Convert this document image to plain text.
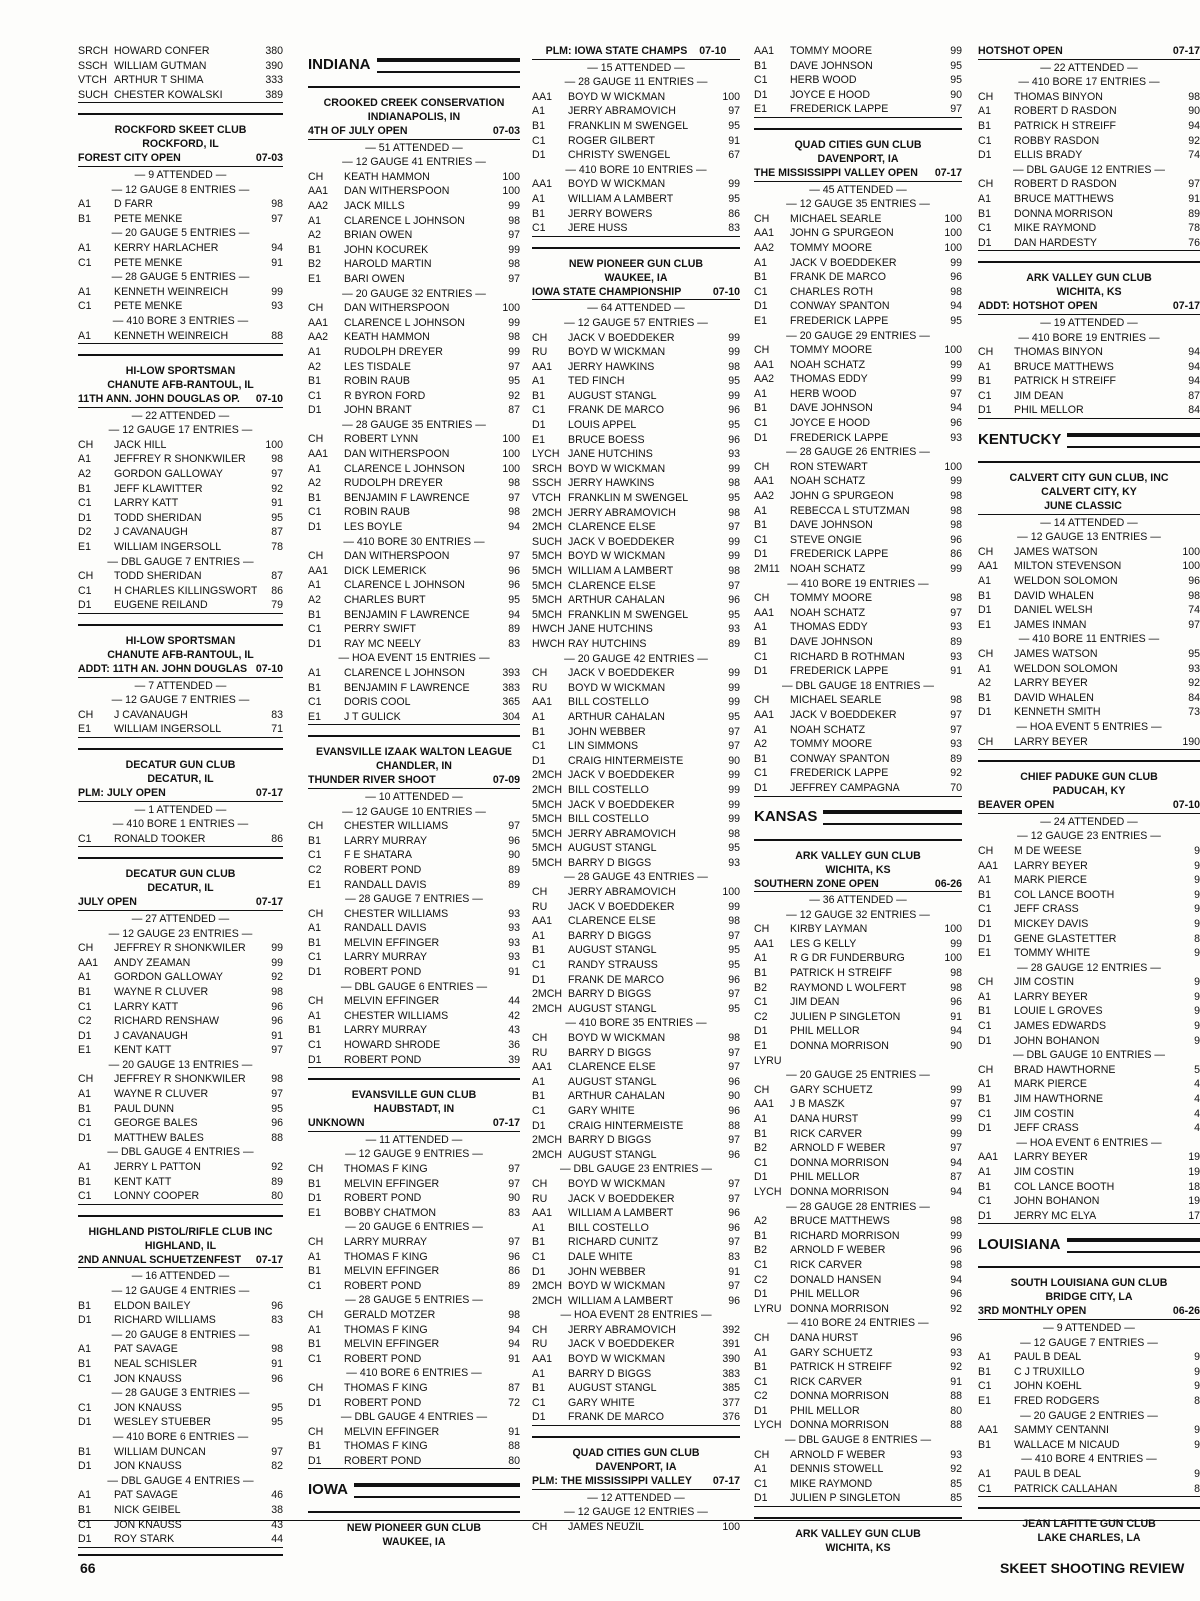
SRCH HOWARD CONFER	380
SSCH WILLIAM GUTMAN	390
VTCH ARTHUR T SHIMA	333
SUCH CHESTER KOWALSKI	389
ROCKFORD SKEET CLUB
ROCKFORD, IL
FOREST CITY OPEN	07-03
— 9 ATTENDED —
— 12 GAUGE 8 ENTRIES —
A1	D FARR	98
B1	PETE MENKE	97
— 20 GAUGE 5 ENTRIES —
A1	KERRY HARLACHER	94
C1	PETE MENKE	91
— 28 GAUGE 5 ENTRIES —
A1	KENNETH WEINREICH	99
C1	PETE MENKE	93
— 410 BORE 3 ENTRIES —
A1	KENNETH WEINREICH	88
HI-LOW SPORTSMAN
CHANUTE AFB-RANTOUL, IL
11TH ANN. JOHN DOUGLAS OP. 07-10
— 22 ATTENDED —
— 12 GAUGE 17 ENTRIES —
CH	JACK HILL	100
A1	JEFFREY R SHONKWILER	98
A2	GORDON GALLOWAY	97
B1	JEFF KLAWITTER	92
C1	LARRY KATT	91
D1	TODD SHERIDAN	95
D2	J CAVANAUGH	87
E1	WILLIAM INGERSOLL	78
— DBL GAUGE 7 ENTRIES —
CH	TODD SHERIDAN	87
C1	H CHARLES KILLINGSWORT	86
D1	EUGENE REILAND	79
HI-LOW SPORTSMAN
CHANUTE AFB-RANTOUL, IL
ADDT: 11TH AN. JOHN DOUGLAS 07-10
— 7 ATTENDED —
— 12 GAUGE 7 ENTRIES —
CH	J CAVANAUGH	83
E1	WILLIAM INGERSOLL	71
DECATUR GUN CLUB
DECATUR, IL
PLM: JULY OPEN	07-17
— 1 ATTENDED —
— 410 BORE 1 ENTRIES —
C1	RONALD TOOKER	86
DECATUR GUN CLUB
DECATUR, IL
JULY OPEN	07-17
— 27 ATTENDED —
— 12 GAUGE 23 ENTRIES —
CH	JEFFREY R SHONKWILER	99
AA1	ANDY ZEAMAN	99
A1	GORDON GALLOWAY	92
B1	WAYNE R CLUVER	98
C1	LARRY KATT	96
C2	RICHARD RENSHAW	96
D1	J CAVANAUGH	91
E1	KENT KATT	97
— 20 GAUGE 13 ENTRIES —
CH	JEFFREY R SHONKWILER	98
A1	WAYNE R CLUVER	97
B1	PAUL DUNN	95
C1	GEORGE BALES	96
D1	MATTHEW BALES	88
— DBL GAUGE 4 ENTRIES —
A1	JERRY L PATTON	92
B1	KENT KATT	89
C1	LONNY COOPER	80
HIGHLAND PISTOL/RIFLE CLUB INC
HIGHLAND, IL
2ND ANNUAL SCHUETZENFEST 07-17
— 16 ATTENDED —
— 12 GAUGE 4 ENTRIES —
B1	ELDON BAILEY	96
D1	RICHARD WILLIAMS	83
— 20 GAUGE 8 ENTRIES —
A1	PAT SAVAGE	98
B1	NEAL SCHISLER	91
C1	JON KNAUSS	96
— 28 GAUGE 3 ENTRIES —
C1	JON KNAUSS	95
D1	WESLEY STUEBER	95
— 410 BORE 6 ENTRIES —
B1	WILLIAM DUNCAN	97
D1	JON KNAUSS	82
— DBL GAUGE 4 ENTRIES —
A1	PAT SAVAGE	46
B1	NICK GEIBEL	38
C1	JON KNAUSS	43
D1	ROY STARK	44
INDIANA
CROOKED CREEK CONSERVATION
INDIANAPOLIS, IN
4TH OF JULY OPEN	07-03
— 51 ATTENDED —
— 12 GAUGE 41 ENTRIES —
CH	KEATH HAMMON	100
AA1	DAN WITHERSPOON	100
AA2	JACK MILLS	99
A1	CLARENCE L JOHNSON	98
A2	BRIAN OWEN	97
B1	JOHN KOCUREK	99
B2	HAROLD MARTIN	98
E1	BARI OWEN	97
— 20 GAUGE 32 ENTRIES —
CH	DAN WITHERSPOON	100
AA1	CLARENCE L JOHNSON	99
AA2	KEATH HAMMON	98
A1	RUDOLPH DREYER	99
A2	LES TISDALE	97
B1	ROBIN RAUB	95
C1	R BYRON FORD	92
D1	JOHN BRANT	87
— 28 GAUGE 35 ENTRIES —
CH	ROBERT LYNN	100
AA1	DAN WITHERSPOON	100
A1	CLARENCE L JOHNSON	100
A2	RUDOLPH DREYER	98
B1	BENJAMIN F LAWRENCE	97
C1	ROBIN RAUB	98
D1	LES BOYLE	94
— 410 BORE 30 ENTRIES —
CH	DAN WITHERSPOON	97
AA1	DICK LEMERICK	96
A1	CLARENCE L JOHNSON	96
A2	CHARLES BURT	95
B1	BENJAMIN F LAWRENCE	94
C1	PERRY SWIFT	89
D1	RAY MC NEELY	83
— HOA EVENT 15 ENTRIES —
A1	CLARENCE L JOHNSON	393
B1	BENJAMIN F LAWRENCE	383
C1	DORIS COOL	365
E1	J T GULICK	304
EVANSVILLE IZAAK WALTON LEAGUE
CHANDLER, IN
THUNDER RIVER SHOOT	07-09
— 10 ATTENDED —
— 12 GAUGE 10 ENTRIES —
CH	CHESTER WILLIAMS	97
B1	LARRY MURRAY	96
C1	F E SHATARA	90
C2	ROBERT POND	89
E1	RANDALL DAVIS	89
— 28 GAUGE 7 ENTRIES —
CH	CHESTER WILLIAMS	93
A1	RANDALL DAVIS	93
B1	MELVIN EFFINGER	93
C1	LARRY MURRAY	93
D1	ROBERT POND	91
— DBL GAUGE 6 ENTRIES —
CH	MELVIN EFFINGER	44
A1	CHESTER WILLIAMS	42
B1	LARRY MURRAY	43
C1	HOWARD SHRODE	36
D1	ROBERT POND	39
EVANSVILLE GUN CLUB
HAUBSTADT, IN
UNKNOWN	07-17
— 11 ATTENDED —
— 12 GAUGE 9 ENTRIES —
CH	THOMAS F KING	97
B1	MELVIN EFFINGER	97
D1	ROBERT POND	90
E1	BOBBY CHATMON	83
— 20 GAUGE 6 ENTRIES —
CH	LARRY MURRAY	97
A1	THOMAS F KING	96
B1	MELVIN EFFINGER	86
C1	ROBERT POND	89
— 28 GAUGE 5 ENTRIES —
CH	GERALD MOTZER	98
A1	THOMAS F KING	94
B1	MELVIN EFFINGER	94
C1	ROBERT POND	91
— 410 BORE 6 ENTRIES —
CH	THOMAS F KING	87
D1	ROBERT POND	72
— DBL GAUGE 4 ENTRIES —
CH	MELVIN EFFINGER	91
B1	THOMAS F KING	88
D1	ROBERT POND	80
IOWA
NEW PIONEER GUN CLUB
WAUKEE, IA
PLM: IOWA STATE CHAMPS 07-10
— 15 ATTENDED —
— 28 GAUGE 11 ENTRIES —
AA1	BOYD W WICKMAN	100
A1	JERRY ABRAMOVICH	97
B1	FRANKLIN M SWENGEL	95
C1	ROGER GILBERT	91
D1	CHRISTY SWENGEL	67
— 410 BORE 10 ENTRIES —
AA1	BOYD W WICKMAN	99
A1	WILLIAM A LAMBERT	95
B1	JERRY BOWERS	86
C1	JERE HUSS	83
NEW PIONEER GUN CLUB
WAUKEE, IA
IOWA STATE CHAMPIONSHIP	07-10
— 64 ATTENDED —
— 12 GAUGE 57 ENTRIES —
CH	JACK V BOEDDEKER	99
RU	BOYD W WICKMAN	99
AA1	JERRY HAWKINS	98
A1	TED FINCH	95
B1	AUGUST STANGL	99
C1	FRANK DE MARCO	96
D1	LOUIS APPEL	95
E1	BRUCE BOESS	96
LYCH JANE HUTCHINS	93
SRCH BOYD W WICKMAN	99
SSCH JERRY HAWKINS	98
VTCH FRANKLIN M SWENGEL	95
2MCH JERRY ABRAMOVICH	98
2MCH CLARENCE ELSE	97
SUCH JACK V BOEDDEKER	99
5MCH BOYD W WICKMAN	99
5MCH WILLIAM A LAMBERT	98
5MCH CLARENCE ELSE	97
5MCH ARTHUR CAHALAN	96
5MCH FRANKLIN M SWENGEL	95
HWCH JANE HUTCHINS	93
HWCH RAY HUTCHINS	89
— 20 GAUGE 42 ENTRIES —
CH	JACK V BOEDDEKER	99
RU	BOYD W WICKMAN	99
AA1	BILL COSTELLO	99
A1	ARTHUR CAHALAN	95
B1	JOHN WEBBER	97
C1	LIN SIMMONS	97
D1	CRAIG HINTERMEISTE	90
2MCH JACK V BOEDDEKER	99
2MCH BILL COSTELLO	99
5MCH JACK V BOEDDEKER	99
5MCH BILL COSTELLO	99
5MCH JERRY ABRAMOVICH	98
5MCH AUGUST STANGL	95
5MCH BARRY D BIGGS	93
— 28 GAUGE 43 ENTRIES —
CH	JERRY ABRAMOVICH	100
RU	JACK V BOEDDEKER	99
AA1	CLARENCE ELSE	98
A1	BARRY D BIGGS	97
B1	AUGUST STANGL	95
C1	RANDY STRAUSS	95
D1	FRANK DE MARCO	96
2MCH BARRY D BIGGS	97
2MCH AUGUST STANGL	95
— 410 BORE 35 ENTRIES —
CH	BOYD W WICKMAN	98
RU	BARRY D BIGGS	97
AA1	CLARENCE ELSE	97
A1	AUGUST STANGL	96
B1	ARTHUR CAHALAN	90
C1	GARY WHITE	96
D1	CRAIG HINTERMEISTE	88
2MCH BARRY D BIGGS	97
2MCH AUGUST STANGL	96
— DBL GAUGE 23 ENTRIES —
CH	BOYD W WICKMAN	97
RU	JACK V BOEDDEKER	97
AA1	WILLIAM A LAMBERT	96
A1	BILL COSTELLO	96
B1	RICHARD CUNITZ	97
C1	DALE WHITE	83
D1	JOHN WEBBER	91
2MCH BOYD W WICKMAN	97
2MCH WILLIAM A LAMBERT	96
— HOA EVENT 28 ENTRIES —
CH	JERRY ABRAMOVICH	392
RU	JACK V BOEDDEKER	391
AA1	BOYD W WICKMAN	390
A1	BARRY D BIGGS	383
B1	AUGUST STANGL	385
C1	GARY WHITE	377
D1	FRANK DE MARCO	376
QUAD CITIES GUN CLUB
DAVENPORT, IA
PLM: THE MISSISSIPPI VALLEY 07-17
— 12 ATTENDED —
— 12 GAUGE 12 ENTRIES —
CH	JAMES NEUZIL	100
AA1	TOMMY MOORE	99
B1	DAVE JOHNSON	95
C1	HERB WOOD	95
D1	JOYCE E HOOD	90
E1	FREDERICK LAPPE	97
QUAD CITIES GUN CLUB
DAVENPORT, IA
THE MISSISSIPPI VALLEY OPEN 07-17
— 45 ATTENDED —
— 12 GAUGE 35 ENTRIES —
CH	MICHAEL SEARLE	100
AA1	JOHN G SPURGEON	100
AA2	TOMMY MOORE	100
A1	JACK V BOEDDEKER	99
B1	FRANK DE MARCO	96
C1	CHARLES ROTH	98
D1	CONWAY SPANTON	94
E1	FREDERICK LAPPE	95
— 20 GAUGE 29 ENTRIES —
CH	TOMMY MOORE	100
AA1	NOAH SCHATZ	99
AA2	THOMAS EDDY	99
A1	HERB WOOD	97
B1	DAVE JOHNSON	94
C1	JOYCE E HOOD	96
D1	FREDERICK LAPPE	93
— 28 GAUGE 26 ENTRIES —
CH	RON STEWART	100
AA1	NOAH SCHATZ	99
AA2	JOHN G SPURGEON	98
A1	REBECCA L STUTZMAN	98
B1	DAVE JOHNSON	98
C1	STEVE ONGIE	96
D1	FREDERICK LAPPE	86
2M11 NOAH SCHATZ	99
— 410 BORE 19 ENTRIES —
CH	TOMMY MOORE	98
AA1	NOAH SCHATZ	97
A1	THOMAS EDDY	93
B1	DAVE JOHNSON	89
C1	RICHARD B ROTHMAN	93
D1	FREDERICK LAPPE	91
— DBL GAUGE 18 ENTRIES —
CH	MICHAEL SEARLE	98
AA1	JACK V BOEDDEKER	97
A1	NOAH SCHATZ	97
A2	TOMMY MOORE	93
B1	CONWAY SPANTON	89
C1	FREDERICK LAPPE	92
D1	JEFFREY CAMPAGNA	70
KANSAS
ARK VALLEY GUN CLUB
WICHITA, KS
SOUTHERN ZONE OPEN	06-26
— 36 ATTENDED —
— 12 GAUGE 32 ENTRIES —
CH	KIRBY LAYMAN	100
AA1	LES G KELLY	99
A1	R G DR FUNDERBURG	100
B1	PATRICK H STREIFF	98
B2	RAYMOND L WOLFERT	98
C1	JIM DEAN	96
C2	JULIEN P SINGLETON	91
D1	PHIL MELLOR	94
E1	DONNA MORRISON	90
LYRU
— 20 GAUGE 25 ENTRIES —
CH	GARY SCHUETZ	99
AA1	J B MASZK	97
A1	DANA HURST	99
B1	RICK CARVER	99
B2	ARNOLD F WEBER	97
C1	DONNA MORRISON	94
D1	PHIL MELLOR	87
LYCH DONNA MORRISON	94
— 28 GAUGE 28 ENTRIES —
A2	BRUCE MATTHEWS	98
B1	RICHARD MORRISON	99
B2	ARNOLD F WEBER	96
C1	RICK CARVER	98
C2	DONALD HANSEN	94
D1	PHIL MELLOR	96
LYRU DONNA MORRISON	92
— 410 BORE 24 ENTRIES —
CH	DANA HURST	96
A1	GARY SCHUETZ	93
B1	PATRICK H STREIFF	92
C1	RICK CARVER	91
C2	DONNA MORRISON	88
D1	PHIL MELLOR	80
LYCH DONNA MORRISON	88
— DBL GAUGE 8 ENTRIES —
CH	ARNOLD F WEBER	93
A1	DENNIS STOWELL	92
C1	MIKE RAYMOND	85
D1	JULIEN P SINGLETON	85
ARK VALLEY GUN CLUB
WICHITA, KS
HOTSHOT OPEN	07-17
— 22 ATTENDED —
— 410 BORE 17 ENTRIES —
CH	THOMAS BINYON	98
A1	ROBERT D RASDON	90
B1	PATRICK H STREIFF	94
C1	ROBBY RASDON	92
D1	ELLIS BRADY	74
— DBL GAUGE 12 ENTRIES —
CH	ROBERT D RASDON	97
A1	BRUCE MATTHEWS	91
B1	DONNA MORRISON	89
C1	MIKE RAYMOND	78
D1	DAN HARDESTY	76
ARK VALLEY GUN CLUB
WICHITA, KS
ADDT: HOTSHOT OPEN	07-17
— 19 ATTENDED —
— 410 BORE 19 ENTRIES —
CH	THOMAS BINYON	94
A1	BRUCE MATTHEWS	94
B1	PATRICK H STREIFF	94
C1	JIM DEAN	87
D1	PHIL MELLOR	84
KENTUCKY
CALVERT CITY GUN CLUB, INC
CALVERT CITY, KY
JUNE CLASSIC
— 14 ATTENDED —
— 12 GAUGE 13 ENTRIES —
CH	JAMES WATSON	100
AA1	MILTON STEVENSON	100
A1	WELDON SOLOMON	96
B1	DAVID WHALEN	98
D1	DANIEL WELSH	74
E1	JAMES INMAN	97
— 410 BORE 11 ENTRIES —
CH	JAMES WATSON	95
A1	WELDON SOLOMON	93
A2	LARRY BEYER	92
B1	DAVID WHALEN	84
D1	KENNETH SMITH	73
— HOA EVENT 5 ENTRIES —
CH	LARRY BEYER	190
CHIEF PADUKE GUN CLUB
PADUCAH, KY
BEAVER OPEN	07-10
— 24 ATTENDED —
— 12 GAUGE 23 ENTRIES —
CH	M DE WEESE	9
AA1	LARRY BEYER	9
A1	MARK PIERCE	9
B1	COL LANCE BOOTH	9
C1	JEFF CRASS	9
D1	MICKEY DAVIS	9
D1	GENE GLASTETTER	8
E1	TOMMY WHITE	9
— 28 GAUGE 12 ENTRIES —
CH	JIM COSTIN	9
A1	LARRY BEYER	9
B1	LOUIE L GROVES	9
C1	JAMES EDWARDS	9
D1	JOHN BOHANON	9
— DBL GAUGE 10 ENTRIES —
CH	BRAD HAWTHORNE	5
A1	MARK PIERCE	4
B1	JIM HAWTHORNE	4
C1	JIM COSTIN	4
D1	JEFF CRASS	4
— HOA EVENT 6 ENTRIES —
AA1	LARRY BEYER	19
A1	JIM COSTIN	19
B1	COL LANCE BOOTH	18
C1	JOHN BOHANON	19
D1	JERRY MC ELYA	17
LOUISIANA
SOUTH LOUISIANA GUN CLUB
BRIDGE CITY, LA
3RD MONTHLY OPEN	06-26
— 9 ATTENDED —
— 12 GAUGE 7 ENTRIES —
A1	PAUL B DEAL	9
B1	C J TRUXILLO	9
C1	JOHN KOEHL	9
E1	FRED RODGERS	8
— 20 GAUGE 2 ENTRIES —
AA1	SAMMY CENTANNI	9
B1	WALLACE M NICAUD	9
— 410 BORE 4 ENTRIES —
A1	PAUL B DEAL	9
C1	PATRICK CALLAHAN	8
JEAN LAFITTE GUN CLUB
LAKE CHARLES, LA
66	SKEET SHOOTING REVIEW
